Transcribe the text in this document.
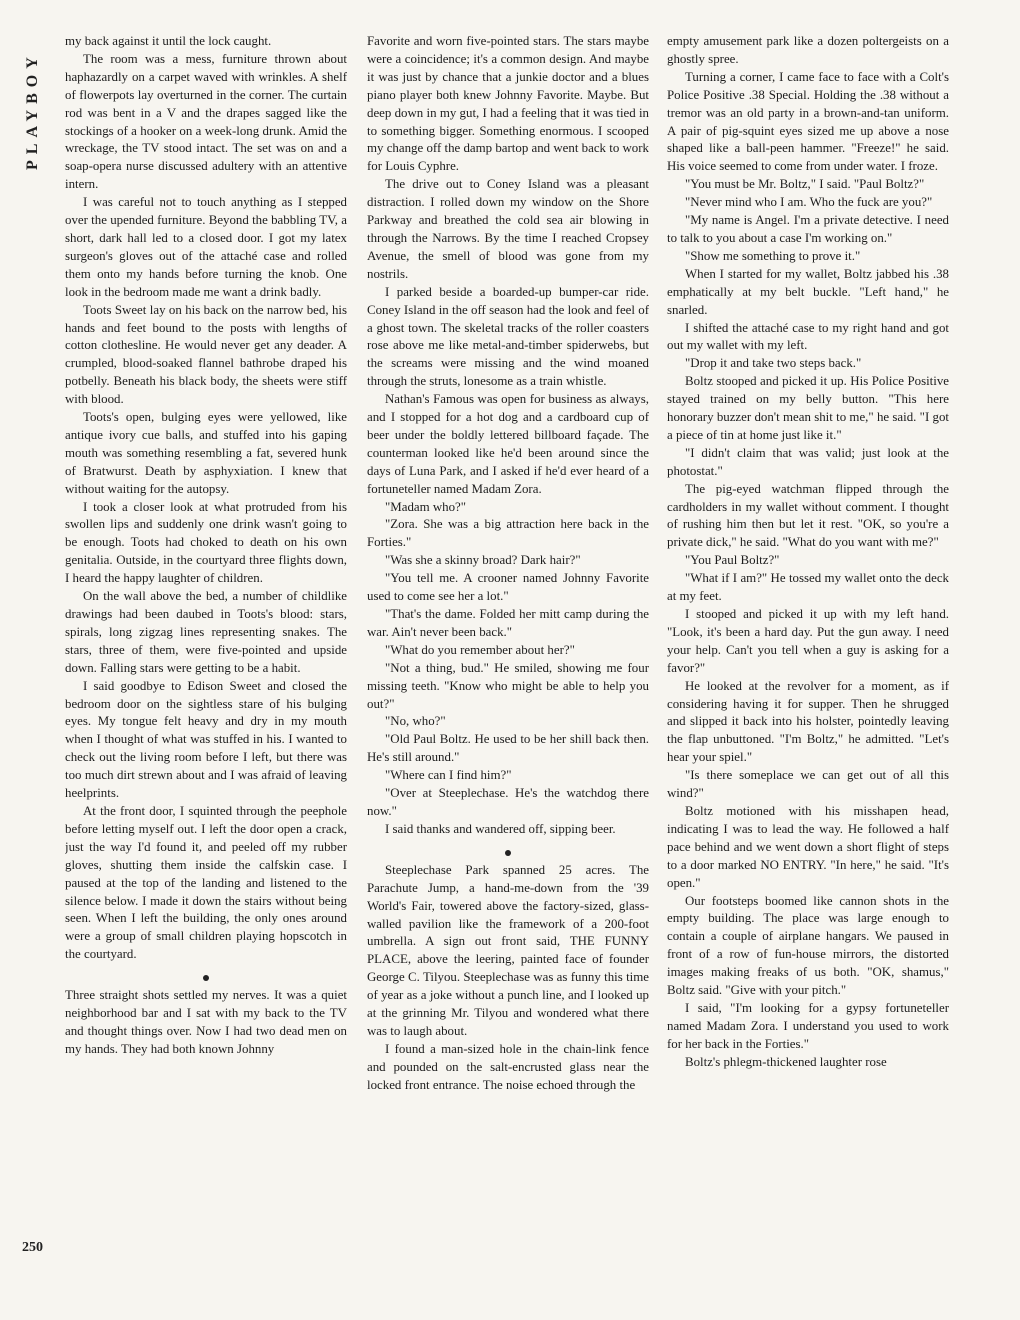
PLAYBOY
250

my back against it until the lock caught.

The room was a mess, furniture thrown about haphazardly on a carpet waved with wrinkles. A shelf of flowerpots lay overturned in the corner. The curtain rod was bent in a V and the drapes sagged like the stockings of a hooker on a week-long drunk. Amid the wreckage, the TV stood intact. The set was on and a soap-opera nurse discussed adultery with an attentive intern.

I was careful not to touch anything as I stepped over the upended furniture. Beyond the babbling TV, a short, dark hall led to a closed door. I got my latex surgeon's gloves out of the attaché case and rolled them onto my hands before turning the knob. One look in the bedroom made me want a drink badly.

Toots Sweet lay on his back on the narrow bed, his hands and feet bound to the posts with lengths of cotton clothesline. He would never get any deader. A crumpled, blood-soaked flannel bathrobe draped his potbelly. Beneath his black body, the sheets were stiff with blood.

Toots's open, bulging eyes were yellowed, like antique ivory cue balls, and stuffed into his gaping mouth was something resembling a fat, severed hunk of Bratwurst. Death by asphyxiation. I knew that without waiting for the autopsy.

I took a closer look at what protruded from his swollen lips and suddenly one drink wasn't going to be enough. Toots had choked to death on his own genitalia. Outside, in the courtyard three flights down, I heard the happy laughter of children.

On the wall above the bed, a number of childlike drawings had been daubed in Toots's blood: stars, spirals, long zigzag lines representing snakes. The stars, three of them, were five-pointed and upside down. Falling stars were getting to be a habit.

I said goodbye to Edison Sweet and closed the bedroom door on the sightless stare of his bulging eyes. My tongue felt heavy and dry in my mouth when I thought of what was stuffed in his. I wanted to check out the living room before I left, but there was too much dirt strewn about and I was afraid of leaving heelprints.

At the front door, I squinted through the peephole before letting myself out. I left the door open a crack, just the way I'd found it, and peeled off my rubber gloves, shutting them inside the calfskin case. I paused at the top of the landing and listened to the silence below. I made it down the stairs without being seen. When I left the building, the only ones around were a group of small children playing hopscotch in the courtyard.

Three straight shots settled my nerves. It was a quiet neighborhood bar and I sat with my back to the TV and thought things over. Now I had two dead men on my hands. They had both known Johnny

Favorite and worn five-pointed stars. The stars maybe were a coincidence; it's a common design. And maybe it was just by chance that a junkie doctor and a blues piano player both knew Johnny Favorite. Maybe. But deep down in my gut, I had a feeling that it was tied in to something bigger. Something enormous. I scooped my change off the damp bartop and went back to work for Louis Cyphre.

The drive out to Coney Island was a pleasant distraction. I rolled down my window on the Shore Parkway and breathed the cold sea air blowing in through the Narrows. By the time I reached Cropsey Avenue, the smell of blood was gone from my nostrils.

I parked beside a boarded-up bumper-car ride. Coney Island in the off season had the look and feel of a ghost town. The skeletal tracks of the roller coasters rose above me like metal-and-timber spiderwebs, but the screams were missing and the wind moaned through the struts, lonesome as a train whistle.

Nathan's Famous was open for business as always, and I stopped for a hot dog and a cardboard cup of beer under the boldly lettered billboard façade. The counterman looked like he'd been around since the days of Luna Park, and I asked if he'd ever heard of a fortuneteller named Madam Zora.

"Madam who?"

"Zora. She was a big attraction here back in the Forties."

"Was she a skinny broad? Dark hair?"

"You tell me. A crooner named Johnny Favorite used to come see her a lot."

"That's the dame. Folded her mitt camp during the war. Ain't never been back."

"What do you remember about her?"

"Not a thing, bud." He smiled, showing me four missing teeth. "Know who might be able to help you out?"

"No, who?"

"Old Paul Boltz. He used to be her shill back then. He's still around."

"Where can I find him?"

"Over at Steeplechase. He's the watchdog there now."

I said thanks and wandered off, sipping beer.

Steeplechase Park spanned 25 acres. The Parachute Jump, a hand-me-down from the '39 World's Fair, towered above the factory-sized, glass-walled pavilion like the framework of a 200-foot umbrella. A sign out front said, THE FUNNY PLACE, above the leering, painted face of founder George C. Tilyou. Steeplechase was as funny this time of year as a joke without a punch line, and I looked up at the grinning Mr. Tilyou and wondered what there was to laugh about.

I found a man-sized hole in the chain-link fence and pounded on the salt-encrusted glass near the locked front entrance. The noise echoed through the

empty amusement park like a dozen poltergeists on a ghostly spree.

Turning a corner, I came face to face with a Colt's Police Positive .38 Special. Holding the .38 without a tremor was an old party in a brown-and-tan uniform. A pair of pig-squint eyes sized me up above a nose shaped like a ball-peen hammer. "Freeze!" he said. His voice seemed to come from under water. I froze.

"You must be Mr. Boltz," I said. "Paul Boltz?"

"Never mind who I am. Who the fuck are you?"

"My name is Angel. I'm a private detective. I need to talk to you about a case I'm working on."

"Show me something to prove it."

When I started for my wallet, Boltz jabbed his .38 emphatically at my belt buckle. "Left hand," he snarled.

I shifted the attaché case to my right hand and got out my wallet with my left.

"Drop it and take two steps back."

Boltz stooped and picked it up. His Police Positive stayed trained on my belly button. "This here honorary buzzer don't mean shit to me," he said. "I got a piece of tin at home just like it."

"I didn't claim that was valid; just look at the photostat."

The pig-eyed watchman flipped through the cardholders in my wallet without comment. I thought of rushing him then but let it rest. "OK, so you're a private dick," he said. "What do you want with me?"

"You Paul Boltz?"

"What if I am?" He tossed my wallet onto the deck at my feet.

I stooped and picked it up with my left hand. "Look, it's been a hard day. Put the gun away. I need your help. Can't you tell when a guy is asking for a favor?"

He looked at the revolver for a moment, as if considering having it for supper. Then he shrugged and slipped it back into his holster, pointedly leaving the flap unbuttoned. "I'm Boltz," he admitted. "Let's hear your spiel."

"Is there someplace we can get out of all this wind?"

Boltz motioned with his misshapen head, indicating I was to lead the way. He followed a half pace behind and we went down a short flight of steps to a door marked NO ENTRY. "In here," he said. "It's open."

Our footsteps boomed like cannon shots in the empty building. The place was large enough to contain a couple of airplane hangars. We paused in front of a row of fun-house mirrors, the distorted images making freaks of us both. "OK, shamus," Boltz said. "Give with your pitch."

I said, "I'm looking for a gypsy fortuneteller named Madam Zora. I understand you used to work for her back in the Forties."

Boltz's phlegm-thickened laughter rose
